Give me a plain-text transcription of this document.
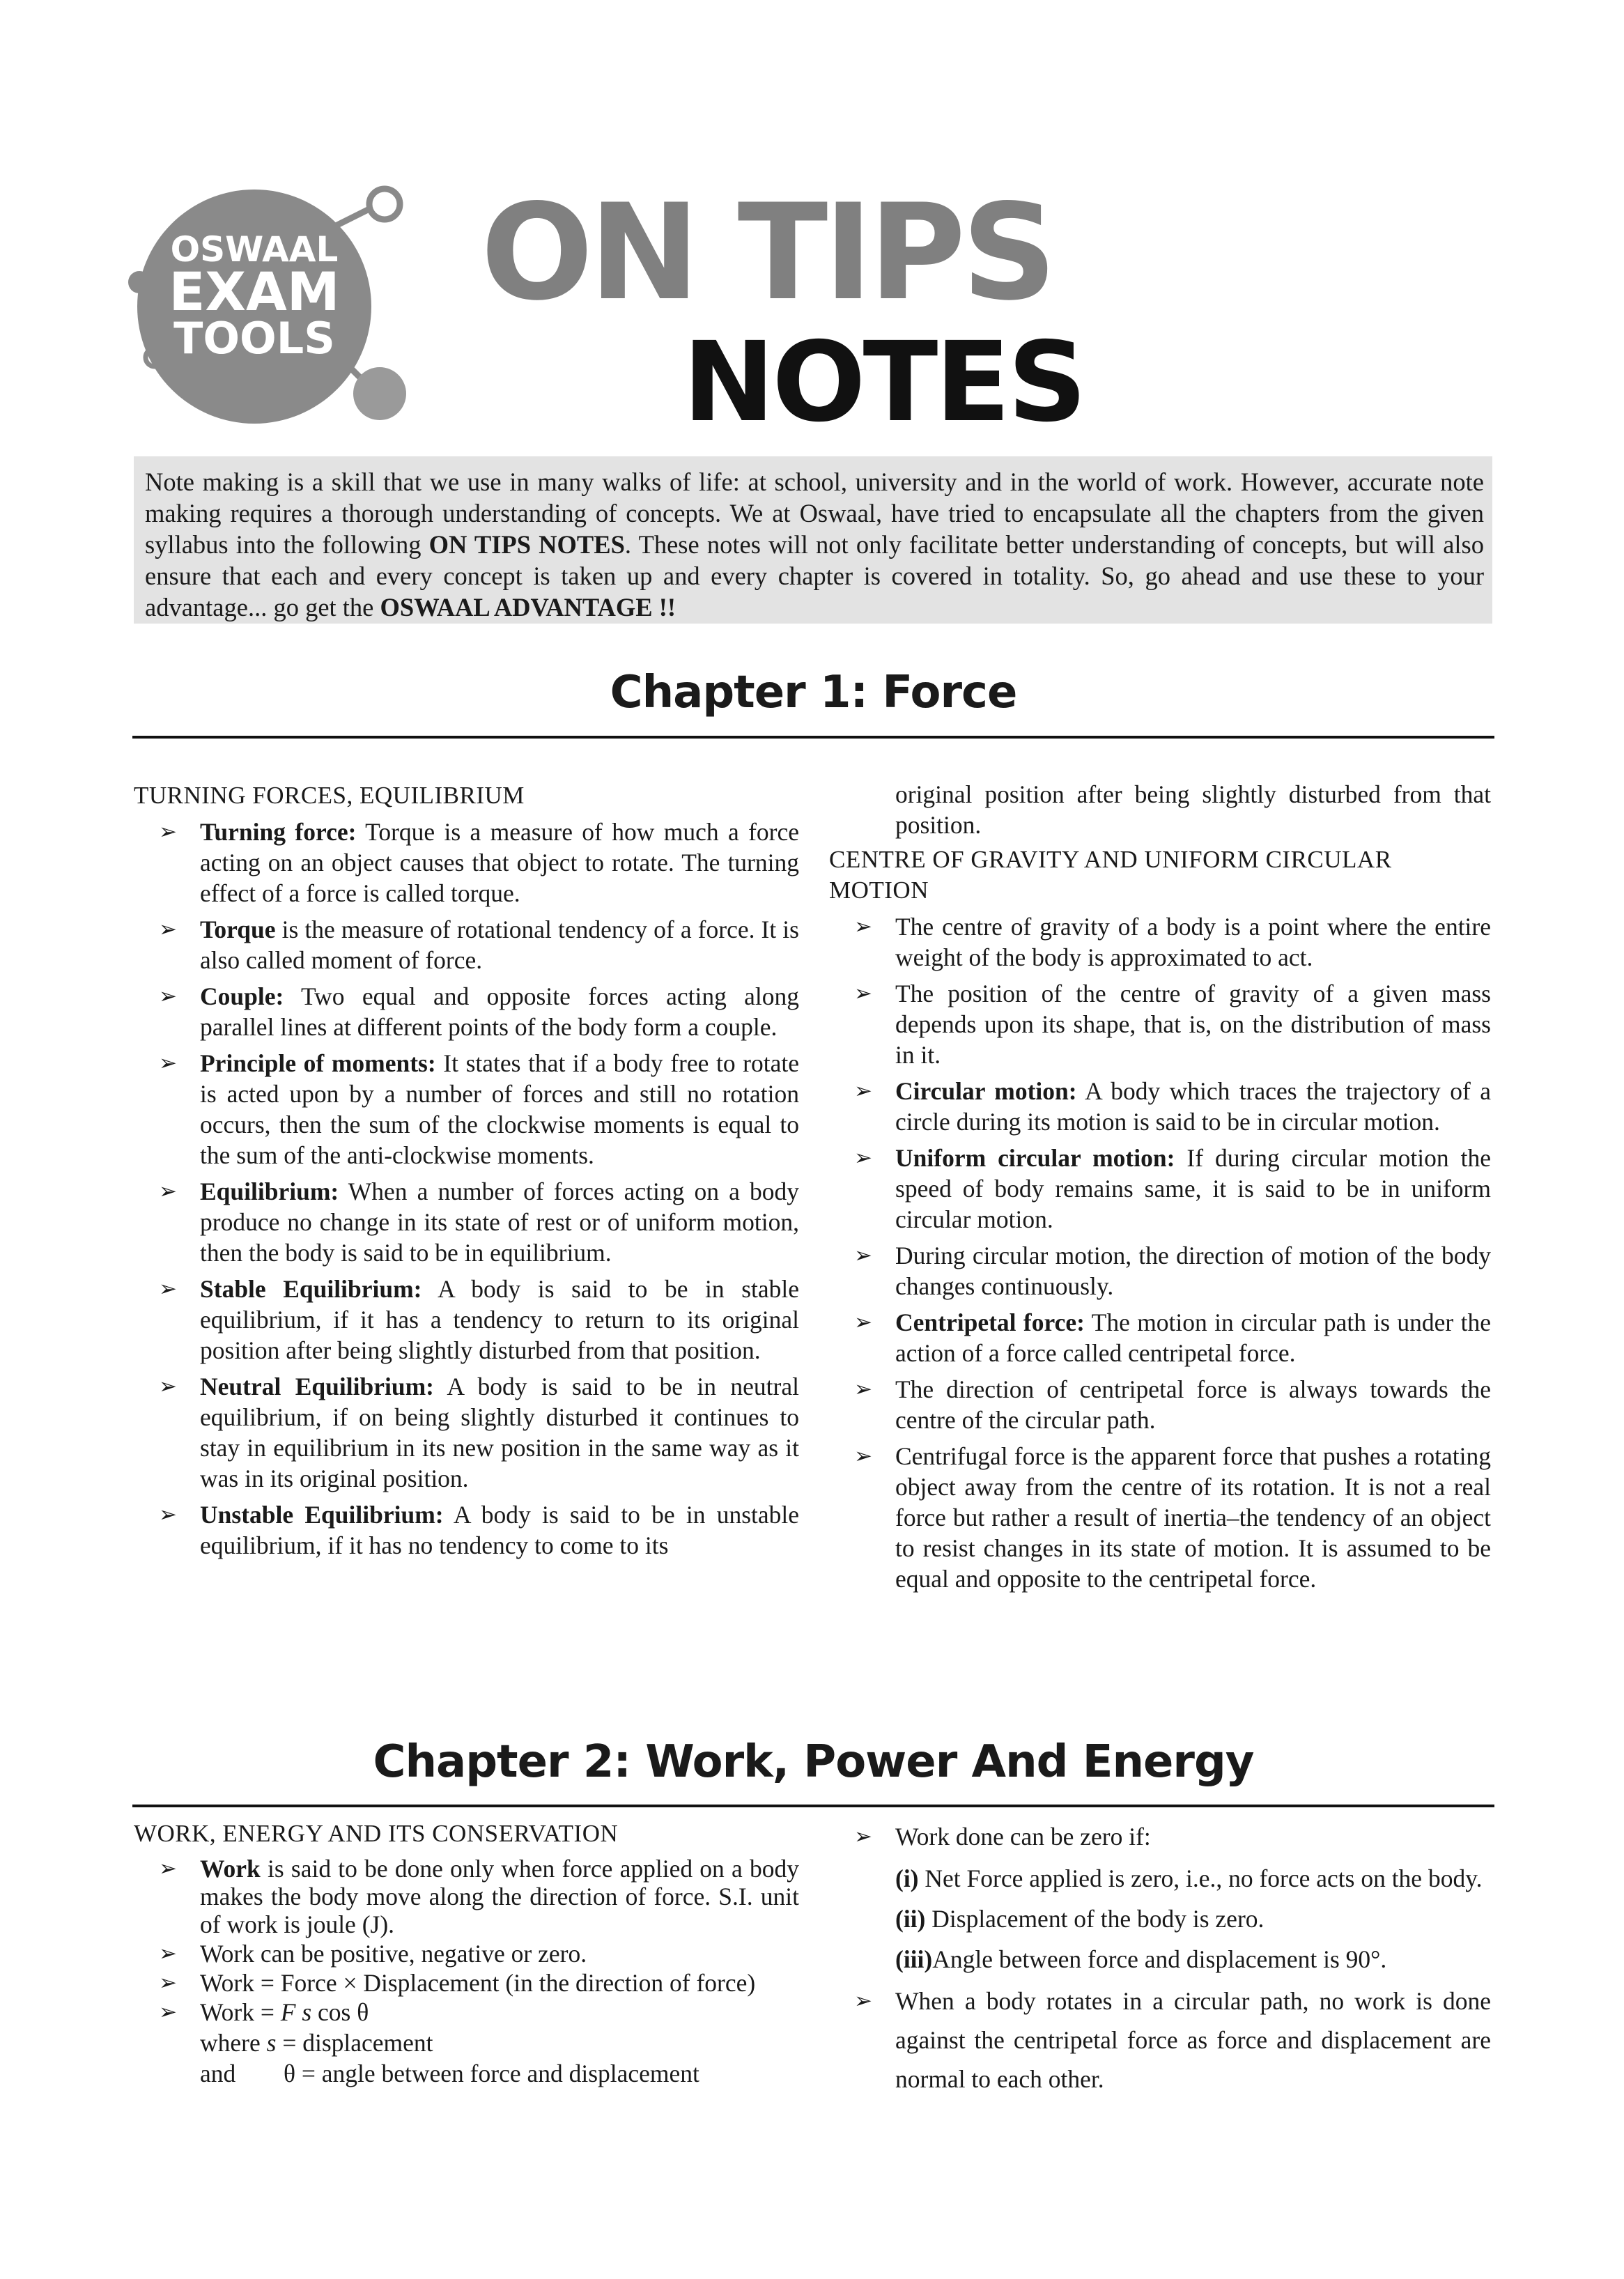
OSWAAL
EXAM
TOOLS
ON TIPS
NOTES

Note making is a skill that we use in many walks of life: at school, university and in the world of work. However, accurate note making requires a thorough understanding of concepts. We at Oswaal, have tried to encapsulate all the chapters from the given syllabus into the following ON TIPS NOTES. These notes will not only facilitate better understanding of concepts, but will also ensure that each and every concept is taken up and every chapter is covered in totality. So, go ahead and use these to your advantage... go get the OSWAAL ADVANTAGE !!

Chapter 1: Force
TURNING FORCES, EQUILIBRIUM
➢ Turning force: Torque is a measure of how much a force acting on an object causes that object to rotate. The turning effect of a force is called torque.
➢ Torque is the measure of rotational tendency of a force. It is also called moment of force.
➢ Couple: Two equal and opposite forces acting along parallel lines at different points of the body form a couple.
➢ Principle of moments: It states that if a body free to rotate is acted upon by a number of forces and still no rotation occurs, then the sum of the clockwise moments is equal to the sum of the anti-clockwise moments.
➢ Equilibrium: When a number of forces acting on a body produce no change in its state of rest or of uniform motion, then the body is said to be in equilibrium.
➢ Stable Equilibrium: A body is said to be in stable equilibrium, if it has a tendency to return to its original position after being slightly disturbed from that position.
➢ Neutral Equilibrium: A body is said to be in neutral equilibrium, if on being slightly disturbed it continues to stay in equilibrium in its new position in the same way as it was in its original position.
➢ Unstable Equilibrium: A body is said to be in unstable equilibrium, if it has no tendency to come to its
original position after being slightly disturbed from that position.
CENTRE OF GRAVITY AND UNIFORM CIRCULAR MOTION
➢ The centre of gravity of a body is a point where the entire weight of the body is approximated to act.
➢ The position of the centre of gravity of a given mass depends upon its shape, that is, on the distribution of mass in it.
➢ Circular motion: A body which traces the trajectory of a circle during its motion is said to be in circular motion.
➢ Uniform circular motion: If during circular motion the speed of body remains same, it is said to be in uniform circular motion.
➢ During circular motion, the direction of motion of the body changes continuously.
➢ Centripetal force: The motion in circular path is under the action of a force called centripetal force.
➢ The direction of centripetal force is always towards the centre of the circular path.
➢ Centrifugal force is the apparent force that pushes a rotating object away from the centre of its rotation. It is not a real force but rather a result of inertia–the tendency of an object to resist changes in its state of motion. It is assumed to be equal and opposite to the centripetal force.
Chapter 2: Work, Power And Energy
WORK, ENERGY AND ITS CONSERVATION
➢ Work is said to be done only when force applied on a body makes the body move along the direction of force. S.I. unit of work is joule (J).
➢ Work can be positive, negative or zero.
➢ Work = Force × Displacement (in the direction of force)
➢ Work = F s cos θ
where s = displacement
and θ = angle between force and displacement
➢ Work done can be zero if:
(i) Net Force applied is zero, i.e., no force acts on the body.
(ii) Displacement of the body is zero.
(iii)Angle between force and displacement is 90°.
➢ When a body rotates in a circular path, no work is done against the centripetal force as force and displacement are normal to each other.
